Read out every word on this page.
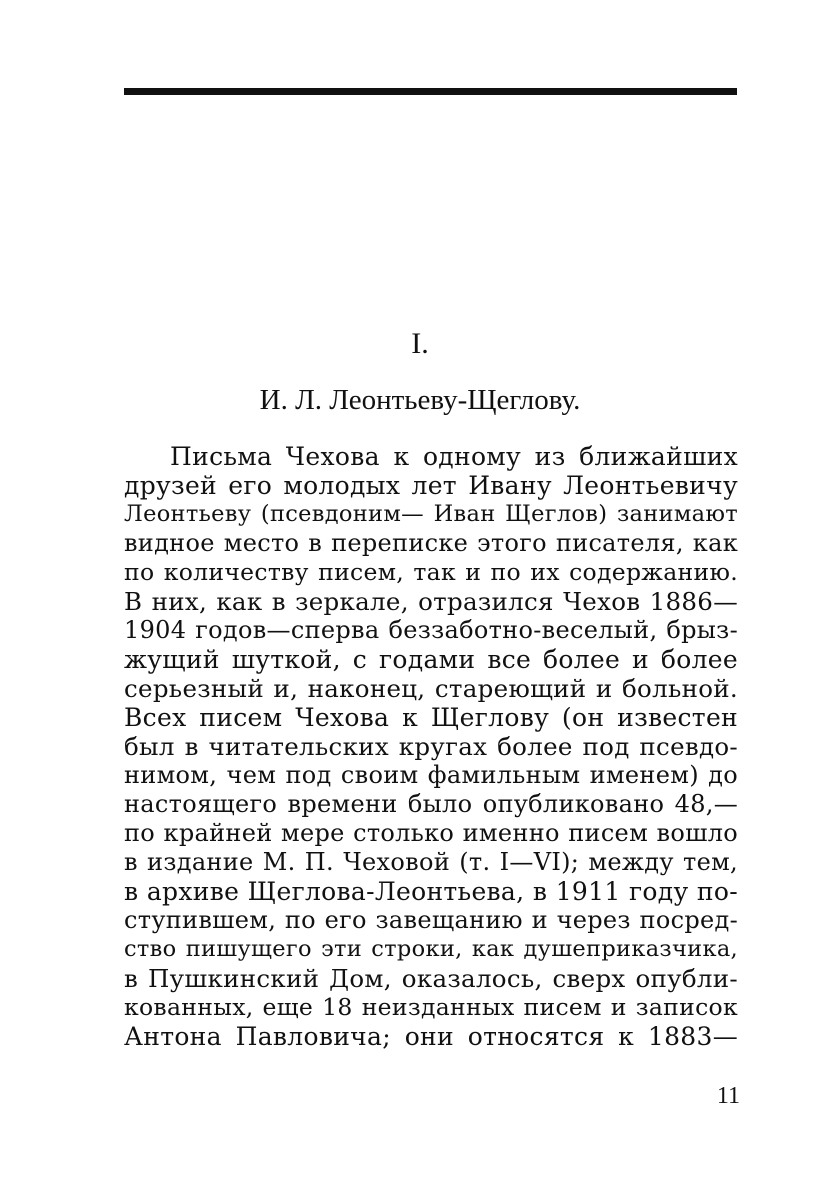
I.
И. Л. Леонтьеву-Щеглову.
Письма Чехова к одному из ближайших
друзей его молодых лет Ивану Леонтьевичу
Леонтьеву (псевдоним— Иван Щеглов) занимают
видное место в переписке этого писателя, как
по количеству писем, так и по их содержанию.
В них, как в зеркале, отразился Чехов 1886—
1904 годов—сперва беззаботно-веселый, брыз-
жущий шуткой, с годами все более и более
серьезный и, наконец, стареющий и больной.
Всех писем Чехова к Щеглову (он известен
был в читательских кругах более под псевдо-
нимом, чем под своим фамильным именем) до
настоящего времени было опубликовано 48,—
по крайней мере столько именно писем вошло
в издание М. П. Чеховой (т. I—VI); между тем,
в архиве Щеглова-Леонтьева, в 1911 году по-
ступившем, по его завещанию и через посред-
ство пишущего эти строки, как душеприказчика,
в Пушкинский Дом, оказалось, сверх опубли-
кованных, еще 18 неизданных писем и записок
Антона Павловича; они относятся к 1883—
11
